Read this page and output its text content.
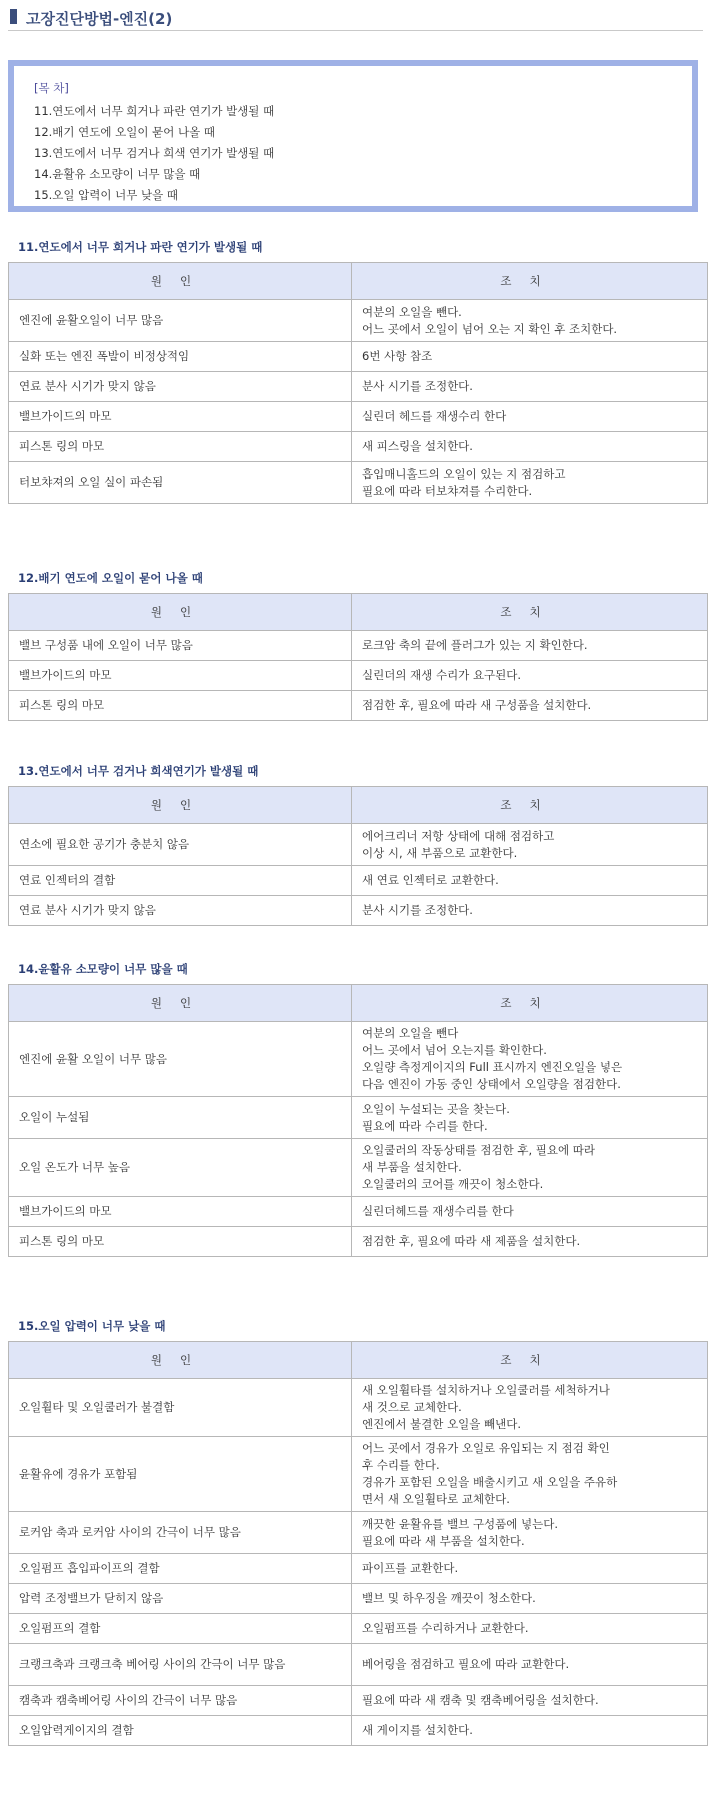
고장진단방법-엔진(2)
[목 차]
11.연도에서 너무 희거나 파란 연기가 발생될 때
12.배기 연도에 오일이 묻어 나올 때
13.연도에서 너무 검거나 희색 연기가 발생될 때
14.윤활유 소모량이 너무 많을 때
15.오일 압력이 너무 낮을 때
11.연도에서 너무 희거나 파란 연기가 발생될 때
원인	조치
엔진에 윤활오일이 너무 많음	여분의 오일을 뺀다.
어느 곳에서 오일이 넘어 오는 지 확인 후 조치한다.

실화 또는 엔진 폭발이 비정상적임	6번 사항 참조

연료 분사 시기가 맞지 않음	분사 시기를 조정한다.

밸브가이드의 마모	실린더 헤드를 재생수리 한다

피스톤 링의 마모	새 피스링을 설치한다.

터보챠져의 오일 실이 파손됨	흡입매니홀드의 오일이 있는 지 점검하고
필요에 따라 터보챠져를 수리한다.
12.배기 연도에 오일이 묻어 나올 때
원인	조치
밸브 구성품 내에 오일이 너무 많음	로크암 축의 끝에 플러그가 있는 지 확인한다.

밸브가이드의 마모	실린더의 재생 수리가 요구된다.

피스톤 링의 마모	점검한 후, 필요에 따라 새 구성품을 설치한다.
13.연도에서 너무 검거나 희색연기가 발생될 때
원인	조치
연소에 필요한 공기가 충분치 않음	에어크리너 저항 상태에 대해 점검하고
이상 시, 새 부품으로 교환한다.

연료 인젝터의 결함	새 연료 인젝터로 교환한다.

연료 분사 시기가 맞지 않음	분사 시기를 조정한다.
14.윤활유 소모량이 너무 많을 때
원인	조치
엔진에 윤활 오일이 너무 많음	여분의 오일을 뺀다
어느 곳에서 넘어 오는지를 확인한다.
오일량 측정게이지의 Full 표시까지 엔진오일을 넣은
다음 엔진이 가동 중인 상태에서 오일량을 점검한다.

오일이 누설됨	오일이 누설되는 곳을 찾는다.
필요에 따라 수리를 한다.

오일 온도가 너무 높음	오일쿨러의 작동상태를 점검한 후, 필요에 따라
새 부품을 설치한다.
오일쿨러의 코어를 깨끗이 청소한다.

밸브가이드의 마모	실린더헤드를 재생수리를 한다

피스톤 링의 마모	점검한 후, 필요에 따라 새 제품을 설치한다.
15.오일 압력이 너무 낮을 때
원인	조치
오일휠타 및 오일쿨러가 불결함	새 오일휠타를 설치하거나 오일쿨러를 세척하거나
새 것으로 교체한다.
엔진에서 불결한 오일을 빼낸다.

윤활유에 경유가 포함됨	어느 곳에서 경유가 오일로 유입되는 지 점검 확인
후 수리를 한다.
경유가 포함된 오일을 배출시키고 새 오일을 주유하
면서 새 오일휠타로 교체한다.

로커암 축과 로커암 사이의 간극이 너무 많음	깨끗한 윤활유를 밸브 구성품에 넣는다.
필요에 따라 새 부품을 설치한다.

오일펌프 흡입파이프의 결함	파이프를 교환한다.

압력 조정밸브가 닫히지 않음	밸브 및 하우징을 깨끗이 청소한다.

오일펌프의 결함	오일펌프를 수리하거나 교환한다.

크랭크축과 크랭크축 베어링 사이의 간극이 너무 많음	베어링을 점검하고 필요에 따라 교환한다.

캠축과 캠축베어링 사이의 간극이 너무 많음	필요에 따라 새 캠축 및 캠축베어링을 설치한다.

오일압력게이지의 결함	새 게이지를 설치한다.
